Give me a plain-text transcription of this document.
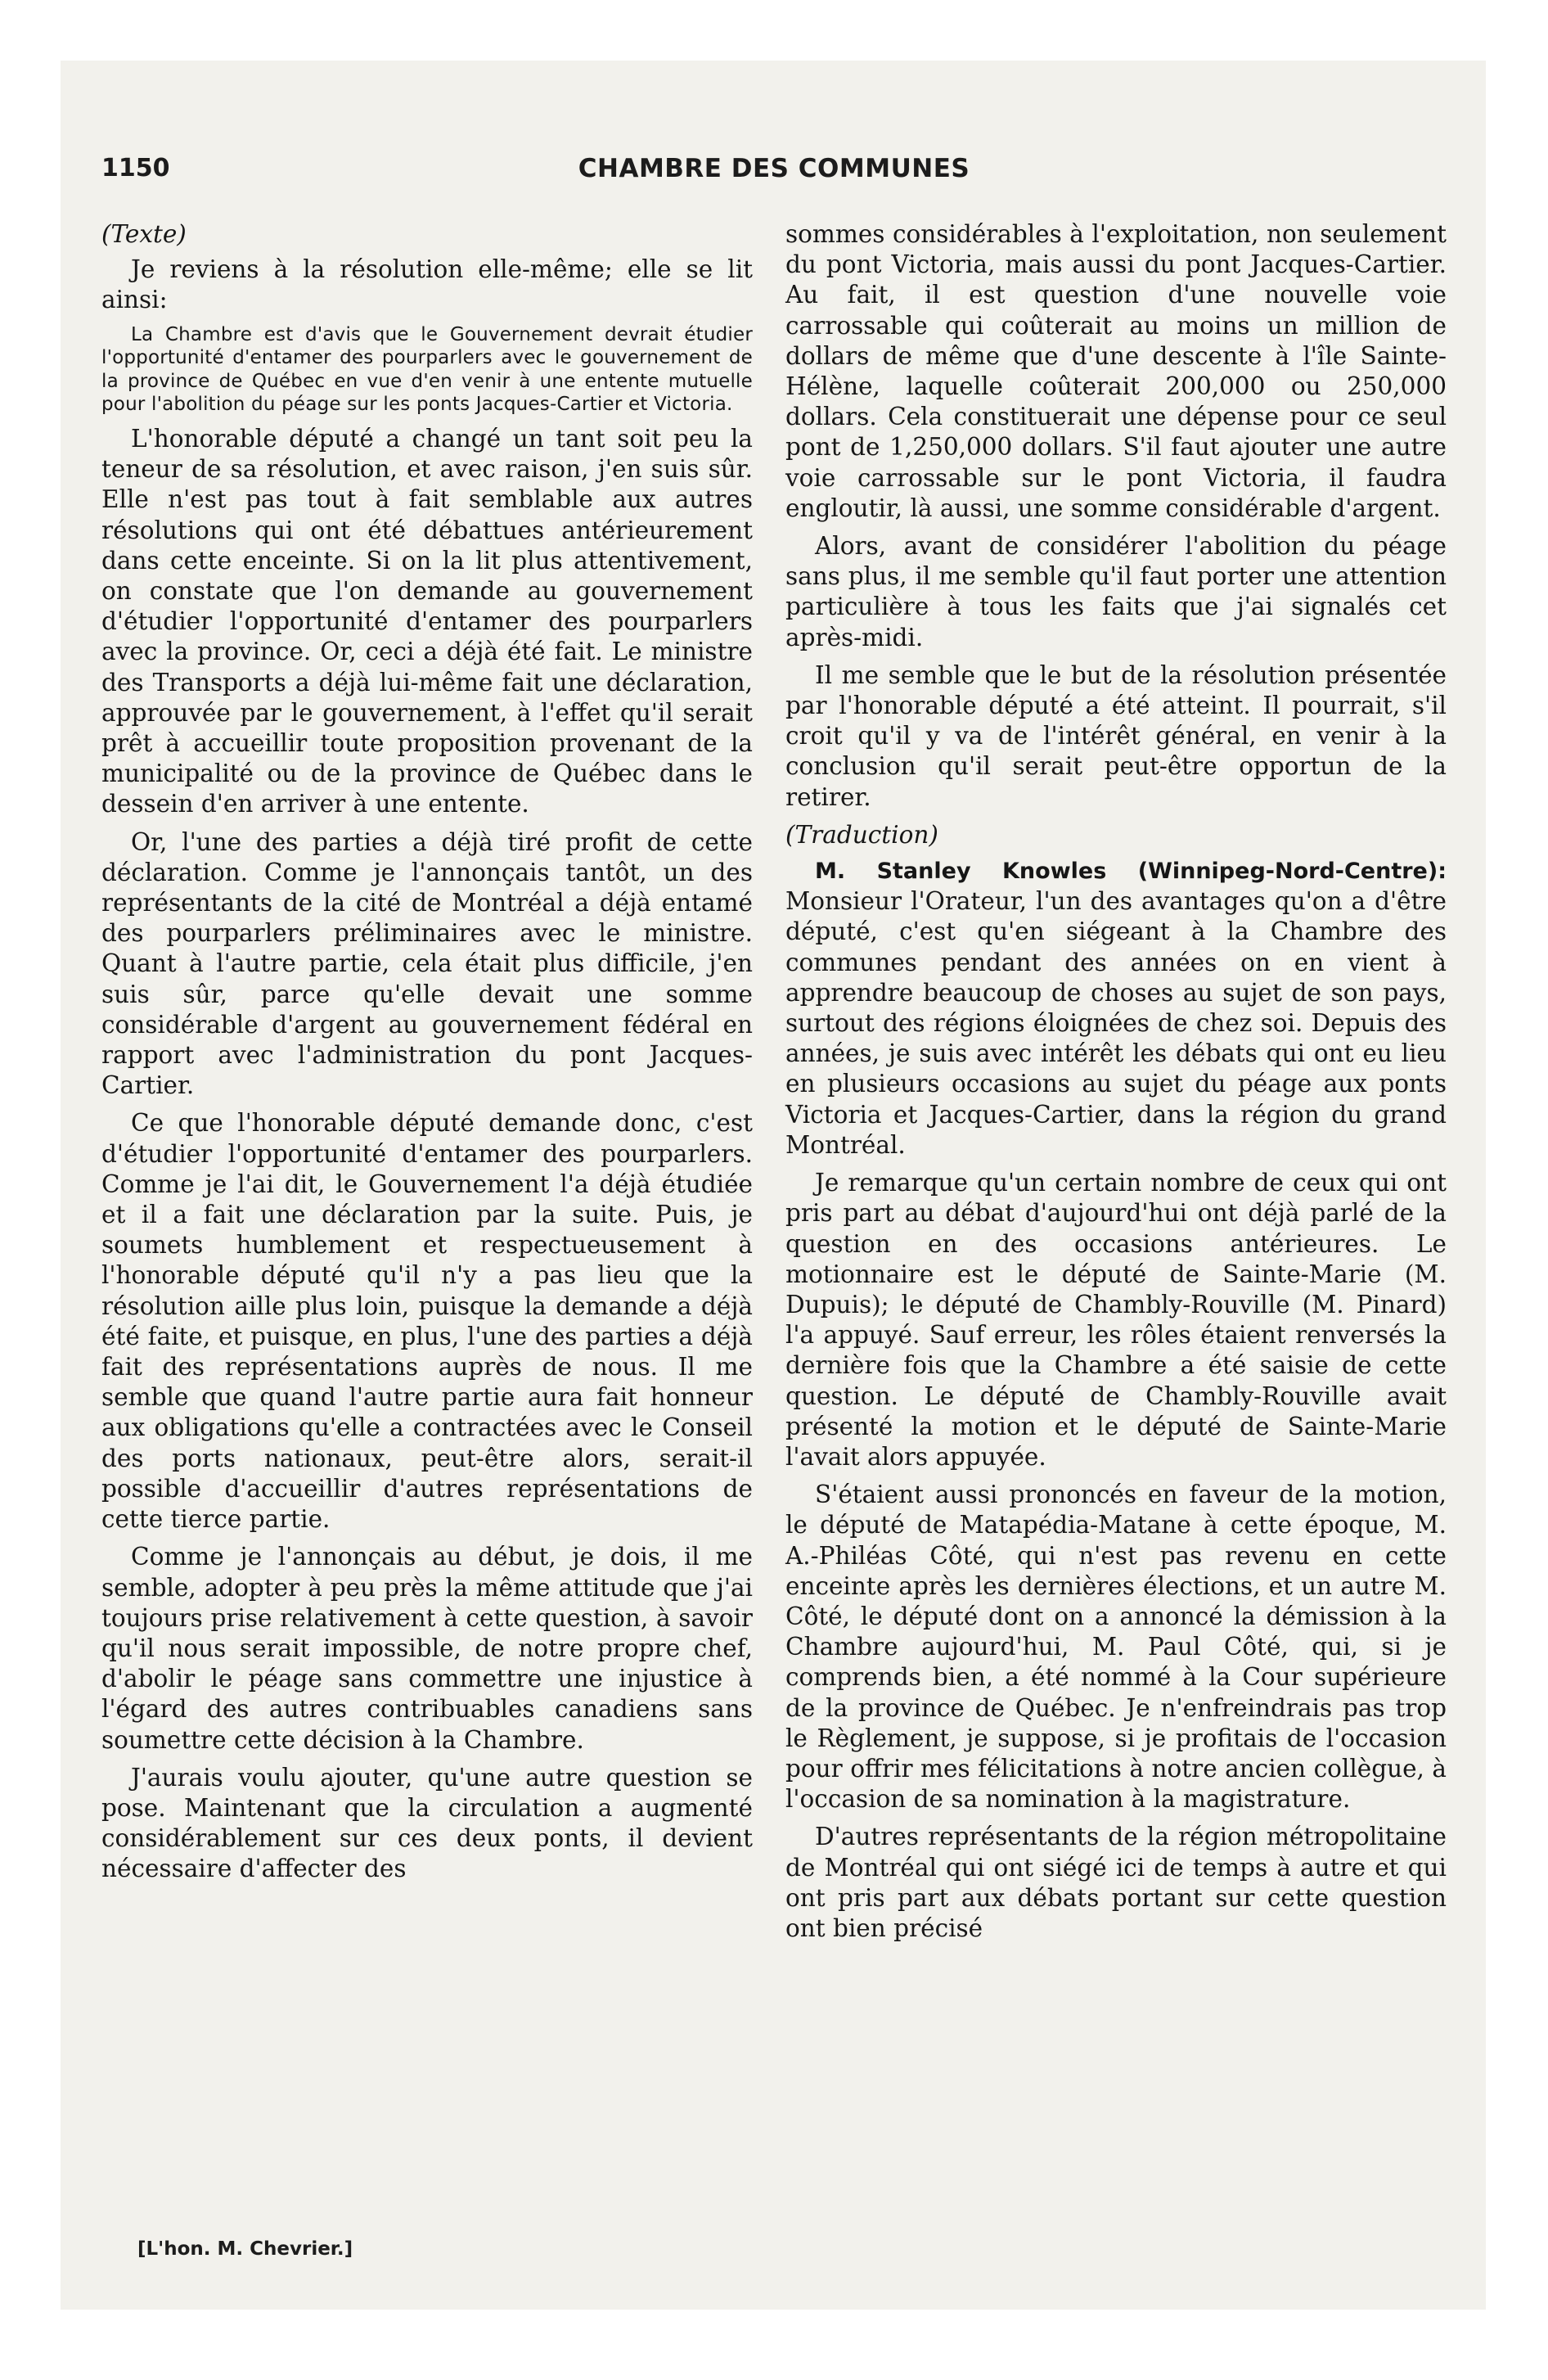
1150	CHAMBRE DES COMMUNES
(Texte)

Je reviens à la résolution elle-même; elle se lit ainsi:

La Chambre est d'avis que le Gouvernement devrait étudier l'opportunité d'entamer des pourparlers avec le gouvernement de la province de Québec en vue d'en venir à une entente mutuelle pour l'abolition du péage sur les ponts Jacques-Cartier et Victoria.

L'honorable député a changé un tant soit peu la teneur de sa résolution, et avec raison, j'en suis sûr. Elle n'est pas tout à fait semblable aux autres résolutions qui ont été débattues antérieurement dans cette enceinte. Si on la lit plus attentivement, on constate que l'on demande au gouvernement d'étudier l'opportunité d'entamer des pourparlers avec la province. Or, ceci a déjà été fait. Le ministre des Transports a déjà lui-même fait une déclaration, approuvée par le gouvernement, à l'effet qu'il serait prêt à accueillir toute proposition provenant de la municipalité ou de la province de Québec dans le dessein d'en arriver à une entente.

Or, l'une des parties a déjà tiré profit de cette déclaration. Comme je l'annonçais tantôt, un des représentants de la cité de Montréal a déjà entamé des pourparlers préliminaires avec le ministre. Quant à l'autre partie, cela était plus difficile, j'en suis sûr, parce qu'elle devait une somme considérable d'argent au gouvernement fédéral en rapport avec l'administration du pont Jacques-Cartier.

Ce que l'honorable député demande donc, c'est d'étudier l'opportunité d'entamer des pourparlers. Comme je l'ai dit, le Gouvernement l'a déjà étudiée et il a fait une déclaration par la suite. Puis, je soumets humblement et respectueusement à l'honorable député qu'il n'y a pas lieu que la résolution aille plus loin, puisque la demande a déjà été faite, et puisque, en plus, l'une des parties a déjà fait des représentations auprès de nous. Il me semble que quand l'autre partie aura fait honneur aux obligations qu'elle a contractées avec le Conseil des ports nationaux, peut-être alors, serait-il possible d'accueillir d'autres représentations de cette tierce partie.

Comme je l'annonçais au début, je dois, il me semble, adopter à peu près la même attitude que j'ai toujours prise relativement à cette question, à savoir qu'il nous serait impossible, de notre propre chef, d'abolir le péage sans commettre une injustice à l'égard des autres contribuables canadiens sans soumettre cette décision à la Chambre.

J'aurais voulu ajouter, qu'une autre question se pose. Maintenant que la circulation a augmenté considérablement sur ces deux ponts, il devient nécessaire d'affecter des

[L'hon. M. Chevrier.]

sommes considérables à l'exploitation, non seulement du pont Victoria, mais aussi du pont Jacques-Cartier. Au fait, il est question d'une nouvelle voie carrossable qui coûterait au moins un million de dollars de même que d'une descente à l'île Sainte-Hélène, laquelle coûterait 200,000 ou 250,000 dollars. Cela constituerait une dépense pour ce seul pont de 1,250,000 dollars. S'il faut ajouter une autre voie carrossable sur le pont Victoria, il faudra engloutir, là aussi, une somme considérable d'argent.

Alors, avant de considérer l'abolition du péage sans plus, il me semble qu'il faut porter une attention particulière à tous les faits que j'ai signalés cet après-midi.

Il me semble que le but de la résolution présentée par l'honorable député a été atteint. Il pourrait, s'il croit qu'il y va de l'intérêt général, en venir à la conclusion qu'il serait peut-être opportun de la retirer.

(Traduction)

M. Stanley Knowles (Winnipeg-Nord-Centre): Monsieur l'Orateur, l'un des avantages qu'on a d'être député, c'est qu'en siégeant à la Chambre des communes pendant des années on en vient à apprendre beaucoup de choses au sujet de son pays, surtout des régions éloignées de chez soi. Depuis des années, je suis avec intérêt les débats qui ont eu lieu en plusieurs occasions au sujet du péage aux ponts Victoria et Jacques-Cartier, dans la région du grand Montréal.

Je remarque qu'un certain nombre de ceux qui ont pris part au débat d'aujourd'hui ont déjà parlé de la question en des occasions antérieures. Le motionnaire est le député de Sainte-Marie (M. Dupuis); le député de Chambly-Rouville (M. Pinard) l'a appuyé. Sauf erreur, les rôles étaient renversés la dernière fois que la Chambre a été saisie de cette question. Le député de Chambly-Rouville avait présenté la motion et le député de Sainte-Marie l'avait alors appuyée.

S'étaient aussi prononcés en faveur de la motion, le député de Matapédia-Matane à cette époque, M. A.-Philéas Côté, qui n'est pas revenu en cette enceinte après les dernières élections, et un autre M. Côté, le député dont on a annoncé la démission à la Chambre aujourd'hui, M. Paul Côté, qui, si je comprends bien, a été nommé à la Cour supérieure de la province de Québec. Je n'enfreindrais pas trop le Règlement, je suppose, si je profitais de l'occasion pour offrir mes félicitations à notre ancien collègue, à l'occasion de sa nomination à la magistrature.

D'autres représentants de la région métropolitaine de Montréal qui ont siégé ici de temps à autre et qui ont pris part aux débats portant sur cette question ont bien précisé
